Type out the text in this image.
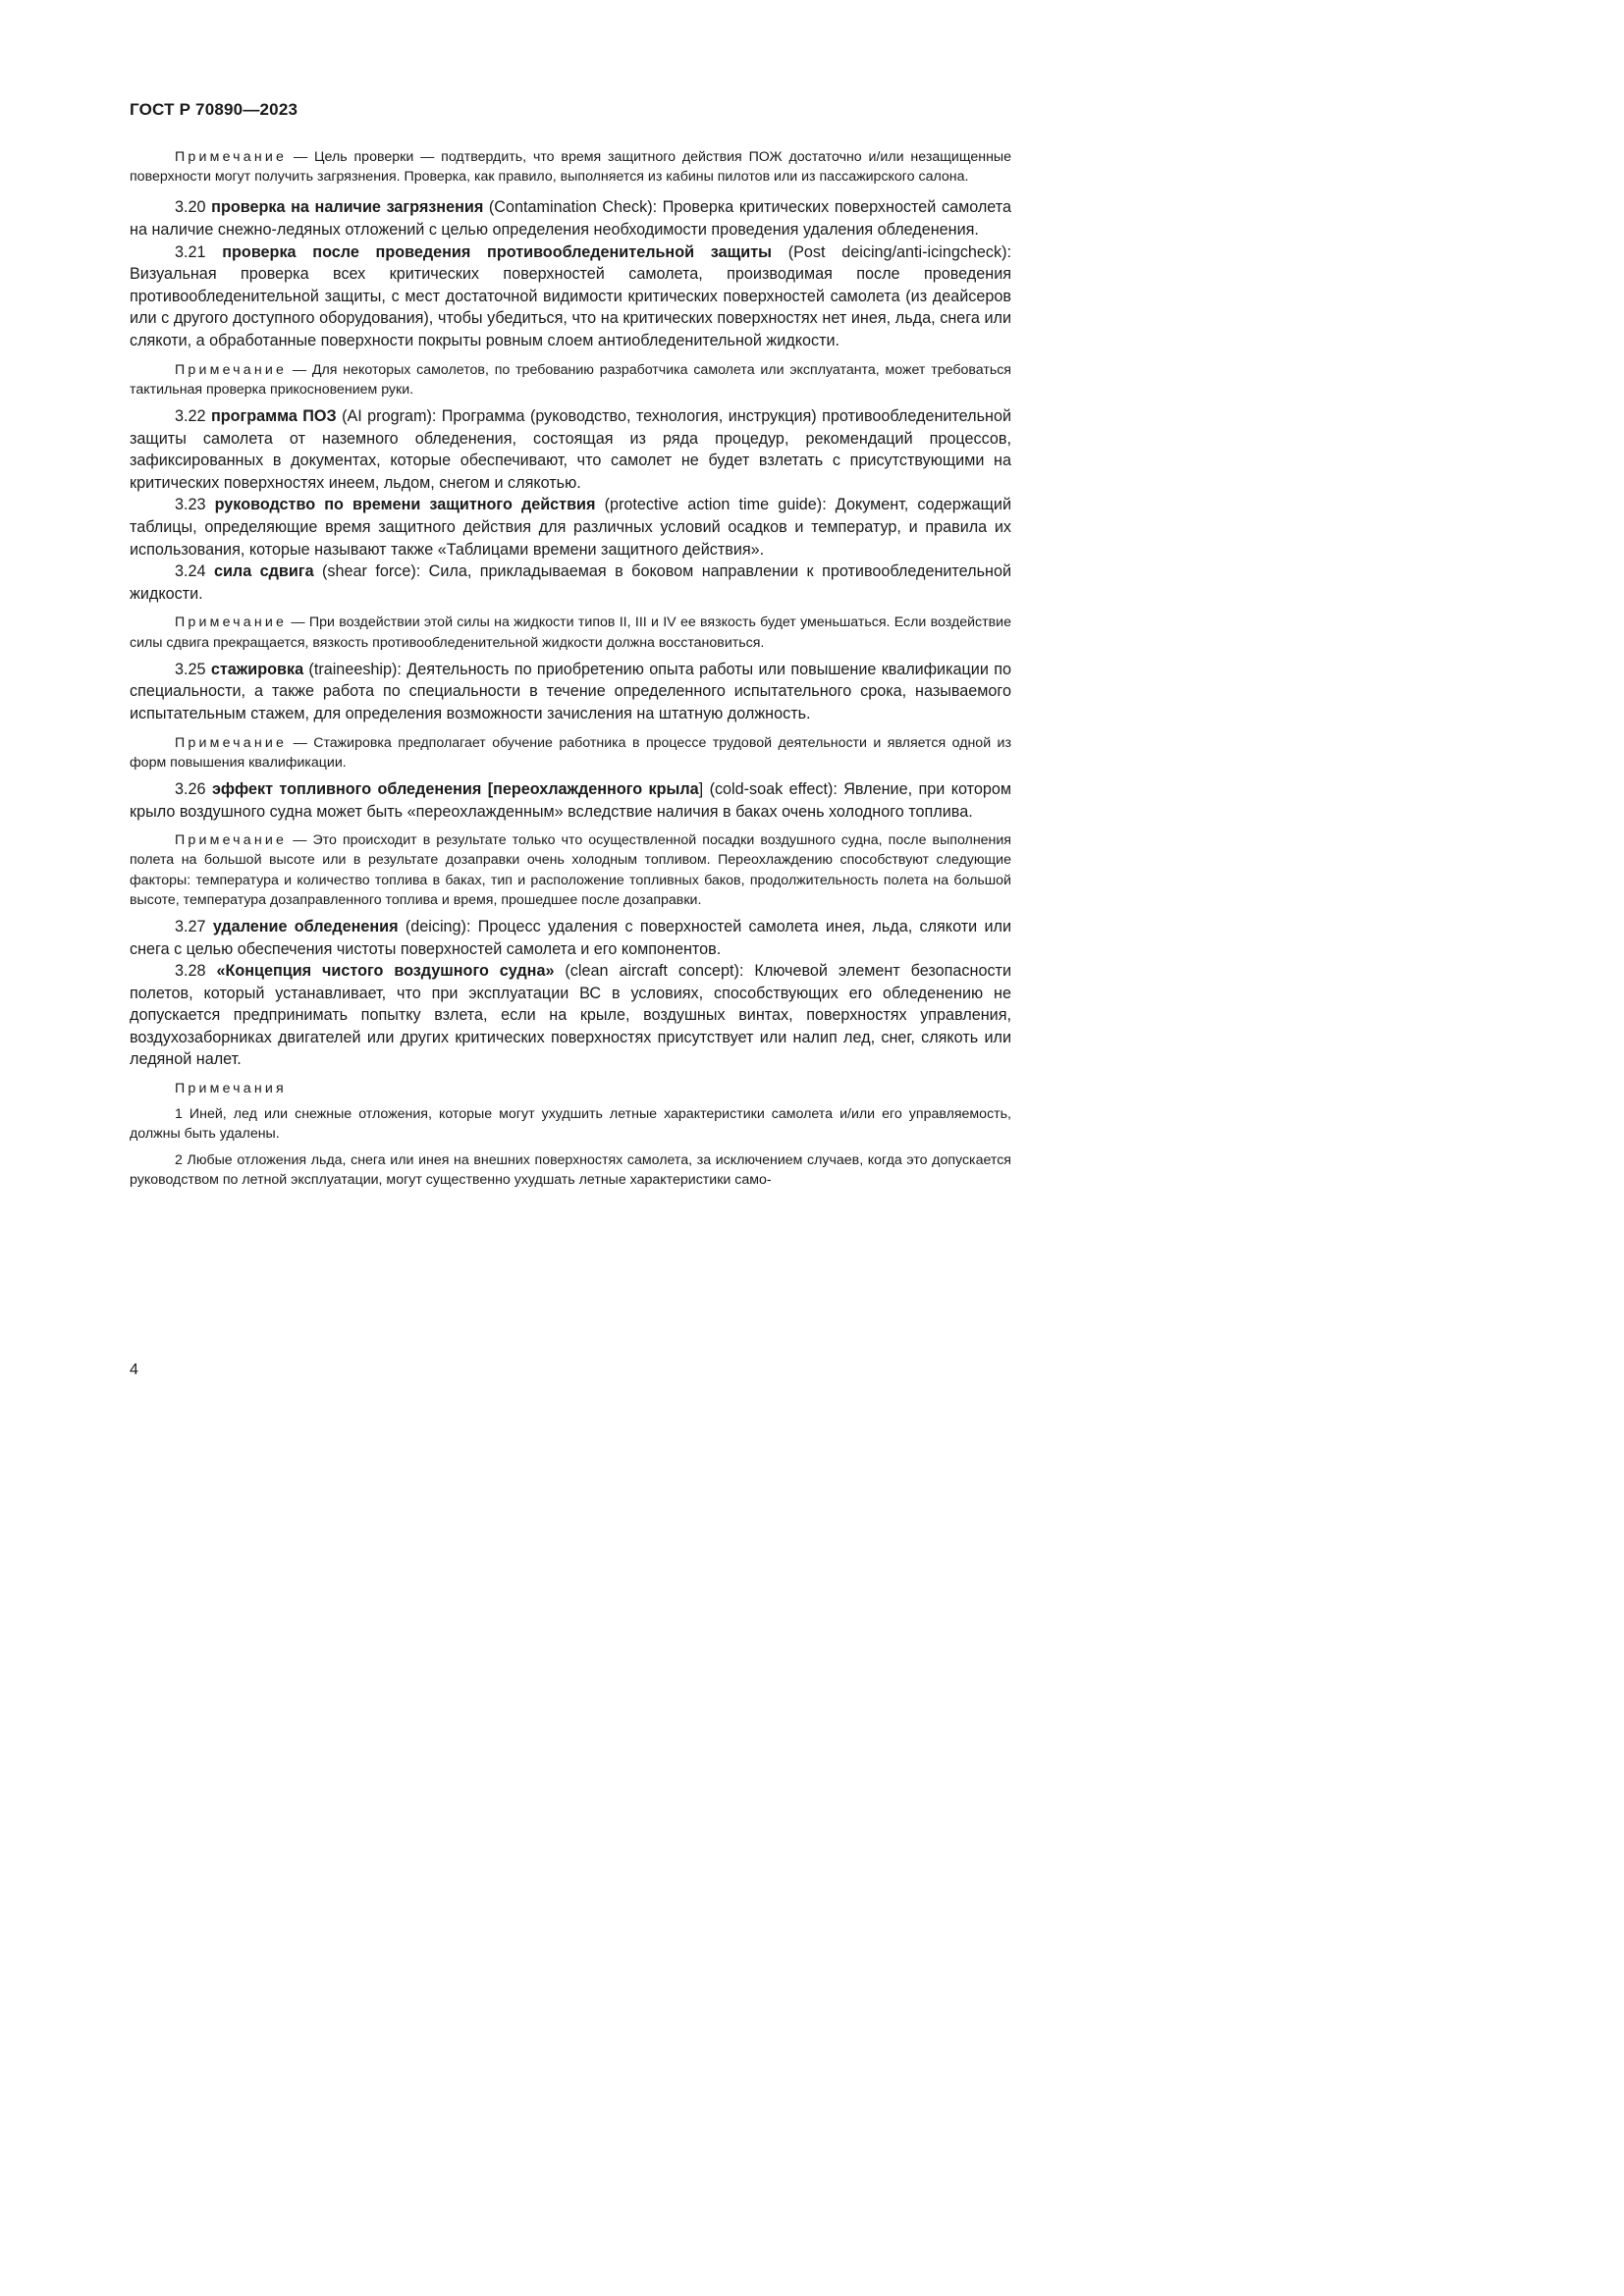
ГОСТ Р 70890—2023

Примечание — Цель проверки — подтвердить, что время защитного действия ПОЖ достаточно и/или незащищенные поверхности могут получить загрязнения. Проверка, как правило, выполняется из кабины пилотов или из пассажирского салона.

3.20 проверка на наличие загрязнения (Contamination Check): Проверка критических поверхностей самолета на наличие снежно-ледяных отложений с целью определения необходимости проведения удаления обледенения.

3.21 проверка после проведения противообледенительной защиты (Post deicing/anti-icingcheck): Визуальная проверка всех критических поверхностей самолета, производимая после проведения противообледенительной защиты, с мест достаточной видимости критических поверхностей самолета (из деайсеров или с другого доступного оборудования), чтобы убедиться, что на критических поверхностях нет инея, льда, снега или слякоти, а обработанные поверхности покрыты ровным слоем антиобледенительной жидкости.

Примечание — Для некоторых самолетов, по требованию разработчика самолета или эксплуатанта, может требоваться тактильная проверка прикосновением руки.

3.22 программа ПОЗ (AI program): Программа (руководство, технология, инструкция) противообледенительной защиты самолета от наземного обледенения, состоящая из ряда процедур, рекомендаций процессов, зафиксированных в документах, которые обеспечивают, что самолет не будет взлетать с присутствующими на критических поверхностях инеем, льдом, снегом и слякотью.

3.23 руководство по времени защитного действия (protective action time guide): Документ, содержащий таблицы, определяющие время защитного действия для различных условий осадков и температур, и правила их использования, которые называют также «Таблицами времени защитного действия».

3.24 сила сдвига (shear force): Сила, прикладываемая в боковом направлении к противообледенительной жидкости.

Примечание — При воздействии этой силы на жидкости типов II, III и IV ее вязкость будет уменьшаться. Если воздействие силы сдвига прекращается, вязкость противообледенительной жидкости должна восстановиться.

3.25 стажировка (traineeship): Деятельность по приобретению опыта работы или повышение квалификации по специальности, а также работа по специальности в течение определенного испытательного срока, называемого испытательным стажем, для определения возможности зачисления на штатную должность.

Примечание — Стажировка предполагает обучение работника в процессе трудовой деятельности и является одной из форм повышения квалификации.

3.26 эффект топливного обледенения [переохлажденного крыла] (cold-soak effect): Явление, при котором крыло воздушного судна может быть «переохлажденным» вследствие наличия в баках очень холодного топлива.

Примечание — Это происходит в результате только что осуществленной посадки воздушного судна, после выполнения полета на большой высоте или в результате дозаправки очень холодным топливом. Переохлаждению способствуют следующие факторы: температура и количество топлива в баках, тип и расположение топливных баков, продолжительность полета на большой высоте, температура дозаправленного топлива и время, прошедшее после дозаправки.

3.27 удаление обледенения (deicing): Процесс удаления с поверхностей самолета инея, льда, слякоти или снега с целью обеспечения чистоты поверхностей самолета и его компонентов.

3.28 «Концепция чистого воздушного судна» (clean aircraft concept): Ключевой элемент безопасности полетов, который устанавливает, что при эксплуатации ВС в условиях, способствующих его обледенению не допускается предпринимать попытку взлета, если на крыле, воздушных винтах, поверхностях управления, воздухозаборниках двигателей или других критических поверхностях присутствует или налип лед, снег, слякоть или ледяной налет.

Примечания

1 Иней, лед или снежные отложения, которые могут ухудшить летные характеристики самолета и/или его управляемость, должны быть удалены.

2 Любые отложения льда, снега или инея на внешних поверхностях самолета, за исключением случаев, когда это допускается руководством по летной эксплуатации, могут существенно ухудшать летные характеристики само-

4
